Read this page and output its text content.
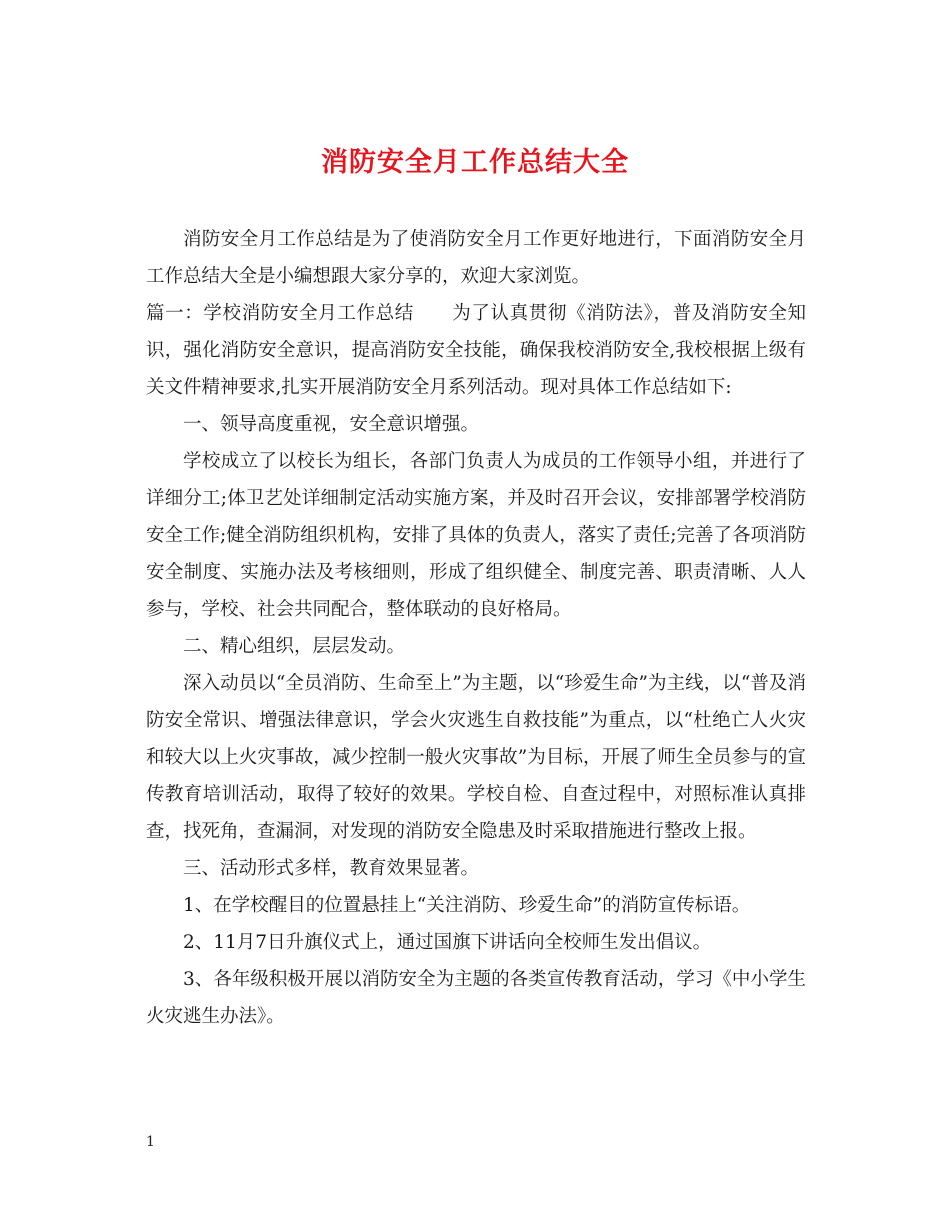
消防安全月工作总结大全

消防安全月工作总结是为了使消防安全月工作更好地进行，下面消防安全月工作总结大全是小编想跟大家分享的，欢迎大家浏览。

篇一：学校消防安全月工作总结　　为了认真贯彻《消防法》，普及消防安全知识，强化消防安全意识，提高消防安全技能，确保我校消防安全,我校根据上级有关文件精神要求,扎实开展消防安全月系列活动。现对具体工作总结如下:

一、领导高度重视，安全意识增强。

学校成立了以校长为组长，各部门负责人为成员的工作领导小组，并进行了详细分工;体卫艺处详细制定活动实施方案，并及时召开会议，安排部署学校消防安全工作;健全消防组织机构，安排了具体的负责人，落实了责任;完善了各项消防安全制度、实施办法及考核细则，形成了组织健全、制度完善、职责清晰、人人参与，学校、社会共同配合，整体联动的良好格局。

二、精心组织，层层发动。

深入动员以“全员消防、生命至上”为主题，以“珍爱生命”为主线，以“普及消防安全常识、增强法律意识，学会火灾逃生自救技能”为重点，以“杜绝亡人火灾和较大以上火灾事故，减少控制一般火灾事故”为目标，开展了师生全员参与的宣传教育培训活动，取得了较好的效果。学校自检、自查过程中，对照标准认真排查，找死角，查漏洞，对发现的消防安全隐患及时采取措施进行整改上报。

三、活动形式多样，教育效果显著。

1、在学校醒目的位置悬挂上“关注消防、珍爱生命”的消防宣传标语。

2、11月7日升旗仪式上，通过国旗下讲话向全校师生发出倡议。

3、各年级积极开展以消防安全为主题的各类宣传教育活动，学习《中小学生火灾逃生办法》。

1
